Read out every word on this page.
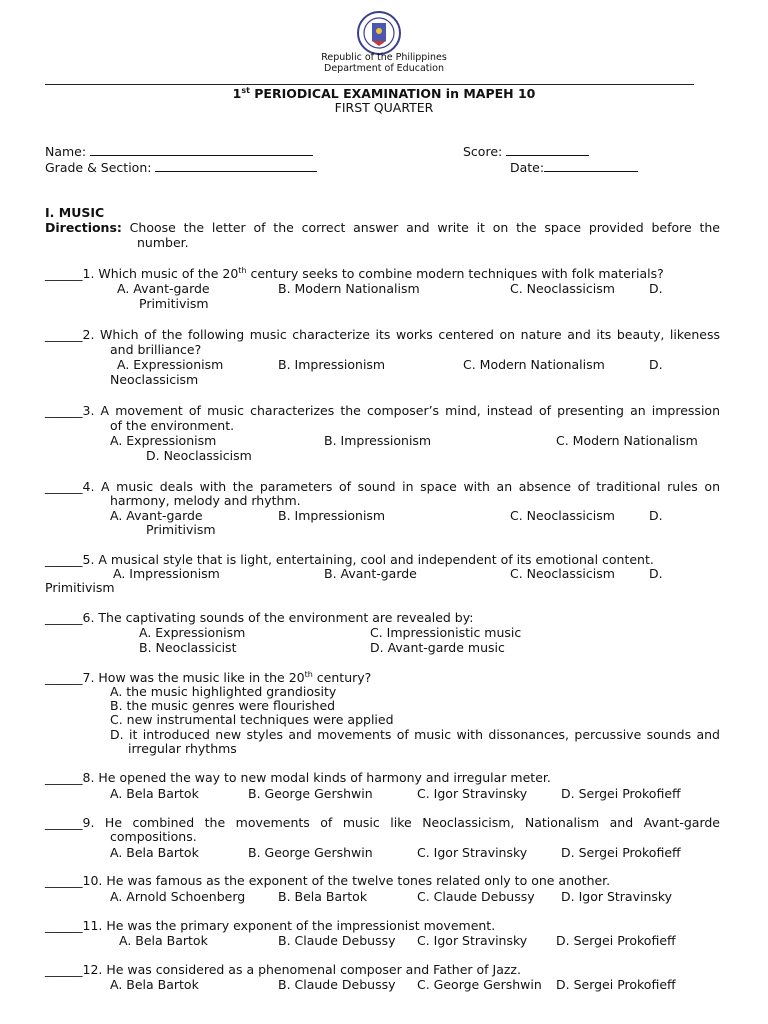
Republic of the Philippines
Department of Education
1st PERIODICAL EXAMINATION in MAPEH 10
FIRST QUARTER
Name:	Score:
Grade & Section:	Date:
I. MUSIC
Directions: Choose the letter of the correct answer and write it on the space provided before the
number.
______1. Which music of the 20th century seeks to combine modern techniques with folk materials?
A. Avant-garde	B. Modern Nationalism	C. Neoclassicism	D.
Primitivism
______2. Which of the following music characterize its works centered on nature and its beauty, likeness
and brilliance?
A. Expressionism	B. Impressionism	C. Modern Nationalism	D.
Neoclassicism
______3. A movement of music characterizes the composer’s mind, instead of presenting an impression
of the environment.
A. Expressionism	B. Impressionism	C. Modern Nationalism
D. Neoclassicism
______4. A music deals with the parameters of sound in space with an absence of traditional rules on
harmony, melody and rhythm.
A. Avant-garde	B. Impressionism	C. Neoclassicism	D.
Primitivism
______5. A musical style that is light, entertaining, cool and independent of its emotional content.
A. Impressionism	B. Avant-garde	C. Neoclassicism	D.
Primitivism
______6. The captivating sounds of the environment are revealed by:
A. Expressionism	C. Impressionistic music
B. Neoclassicist	D. Avant-garde music
______7. How was the music like in the 20th century?
A. the music highlighted grandiosity
B. the music genres were flourished
C. new instrumental techniques were applied
D. it introduced new styles and movements of music with dissonances, percussive sounds and
irregular rhythms
______8. He opened the way to new modal kinds of harmony and irregular meter.
A. Bela Bartok	B. George Gershwin	C. Igor Stravinsky	D. Sergei Prokofieff
______9. He combined the movements of music like Neoclassicism, Nationalism and Avant-garde
compositions.
A. Bela Bartok	B. George Gershwin	C. Igor Stravinsky	D. Sergei Prokofieff
______10. He was famous as the exponent of the twelve tones related only to one another.
A. Arnold Schoenberg	B. Bela Bartok	C. Claude Debussy D. Igor Stravinsky
______11. He was the primary exponent of the impressionist movement.
A. Bela Bartok	B. Claude Debussy C. Igor Stravinsky D. Sergei Prokofieff
______12. He was considered as a phenomenal composer and Father of Jazz.
A. Bela Bartok	B. Claude Debussy C. George Gershwin D. Sergei Prokofieff
